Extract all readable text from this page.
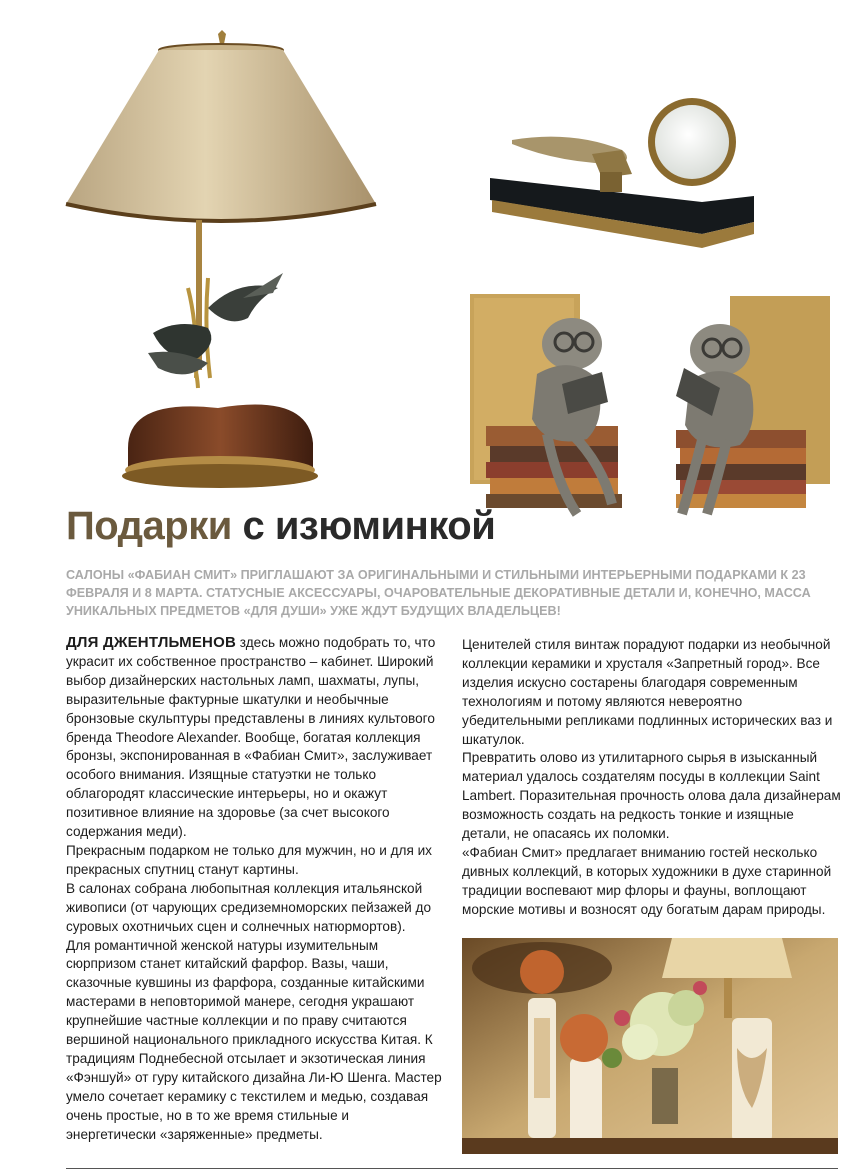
Подарки с изюминкой
САЛОНЫ «ФАБИАН СМИТ» ПРИГЛАШАЮТ ЗА ОРИГИНАЛЬНЫМИ И СТИЛЬНЫМИ ИНТЕРЬЕРНЫМИ ПОДАРКАМИ К 23 ФЕВРАЛЯ И 8 МАРТА. СТАТУСНЫЕ АКСЕССУАРЫ, ОЧАРОВАТЕЛЬНЫЕ ДЕКОРАТИВНЫЕ ДЕТАЛИ И, КОНЕЧНО, МАССА УНИКАЛЬНЫХ ПРЕДМЕТОВ «ДЛЯ ДУШИ» УЖЕ ЖДУТ БУДУЩИХ ВЛАДЕЛЬЦЕВ!

ДЛЯ ДЖЕНТЛЬМЕНОВ здесь можно подобрать то, что украсит их собственное пространство – кабинет. Широкий выбор дизайнерских настольных ламп, шахматы, лупы, выразительные фактурные шкатулки и необычные бронзовые скульптуры представлены в линиях культового бренда Theodore Alexander. Вообще, богатая коллекция бронзы, экспонированная в «Фабиан Смит», заслуживает особого внимания. Изящные статуэтки не только облагородят классические интерьеры, но и окажут позитивное влияние на здоровье (за счет высокого содержания меди).

Прекрасным подарком не только для мужчин, но и для их прекрасных спутниц станут картины.

В салонах собрана любопытная коллекция итальянской живописи (от чарующих средиземноморских пейзажей до суровых охотничьих сцен и солнечных натюрмортов).

Для романтичной женской натуры изумительным сюрпризом станет китайский фарфор. Вазы, чаши, сказочные кувшины из фарфора, созданные китайскими мастерами в неповторимой манере, сегодня украшают крупнейшие частные коллекции и по праву считаются вершиной национального прикладного искусства Китая. К традициям Поднебесной отсылает и экзотическая линия «Фэншуй» от гуру китайского дизайна Ли-Ю Шенга. Мастер умело сочетает керамику с текстилем и медью, создавая очень простые, но в то же время стильные и энергетически «заряженные» предметы.

Ценителей стиля винтаж порадуют подарки из необычной коллекции керамики и хрусталя «Запретный город». Все изделия искусно состарены благодаря современным технологиям и потому являются невероятно убедительными репликами подлинных исторических ваз и шкатулок.

Превратить олово из утилитарного сырья в изысканный материал удалось создателям посуды в коллекции Saint Lambert. Поразительная прочность олова дала дизайнерам возможность создать на редкость тонкие и изящные детали, не опасаясь их поломки.

«Фабиан Смит» предлагает вниманию гостей несколько дивных коллекций, в которых художники в духе старинной традиции воспевают мир флоры и фауны, воплощают морские мотивы и возносят оду богатым дарам природы.
